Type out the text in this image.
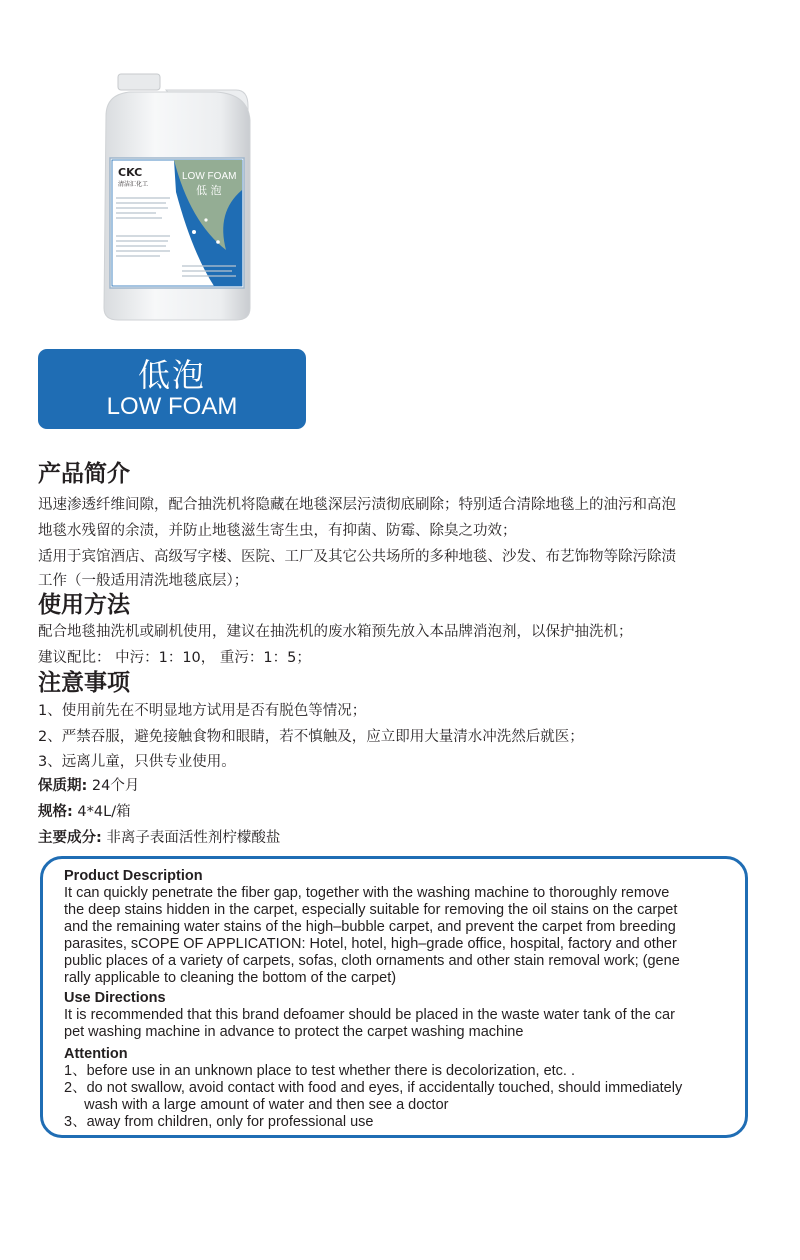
CKC
清洁汇化工
LOW FOAM
低 泡
低泡
LOW FOAM
产品简介
迅速渗透纤维间隙，配合抽洗机将隐藏在地毯深层污渍彻底刷除；特别适合清除地毯上的油污和高泡
地毯水残留的余渍，并防止地毯滋生寄生虫，有抑菌、防霉、除臭之功效；
适用于宾馆酒店、高级写字楼、医院、工厂及其它公共场所的多种地毯、沙发、布艺饰物等除污除渍
工作（一般适用清洗地毯底层）；
使用方法
配合地毯抽洗机或刷机使用，建议在抽洗机的废水箱预先放入本品牌消泡剂，以保护抽洗机；
建议配比： 中污：1：10， 重污：1：5；
注意事项
1、使用前先在不明显地方试用是否有脱色等情况；
2、严禁吞服，避免接触食物和眼睛，若不慎触及，应立即用大量清水冲洗然后就医；
3、远离儿童，只供专业使用。
保质期: 24个月
规格: 4*4L/箱
主要成分: 非离子表面活性剂柠檬酸盐
Product Description
It can quickly penetrate the fiber gap, together with the washing machine to thoroughly remove
the deep stains hidden in the carpet, especially suitable for removing the oil stains on the carpet
and the remaining water stains of the high–bubble carpet, and prevent the carpet from breeding
parasites, sCOPE OF APPLICATION: Hotel, hotel, high–grade office, hospital, factory and other
public places of a variety of carpets, sofas, cloth ornaments and other stain removal work; (gene
rally applicable to cleaning the bottom of the carpet)
Use Directions
It is recommended that this brand defoamer should be placed in the waste water tank of the car
pet washing machine in advance to protect the carpet washing machine
Attention
1、before use in an unknown place to test whether there is decolorization, etc. .
2、do not swallow, avoid contact with food and eyes, if accidentally touched, should immediately
wash with a large amount of water and then see a doctor
3、away from children, only for professional use
